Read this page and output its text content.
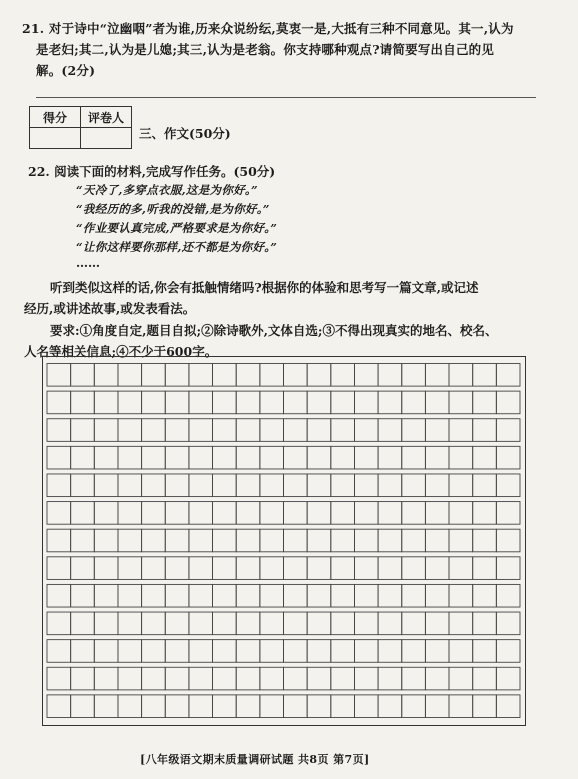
21. 对于诗中“泣幽咽”者为谁,历来众说纷纭,莫衷一是,大抵有三种不同意见。其一,认为
是老妇;其二,认为是儿媳;其三,认为是老翁。你支持哪种观点?请简要写出自己的见
解。(2分)
得分	评卷人

三、作文(50分)
22. 阅读下面的材料,完成写作任务。(50分)
“天冷了,多穿点衣服,这是为你好。”
“我经历的多,听我的没错,是为你好。”
“作业要认真完成,严格要求是为你好。”
“让你这样要你那样,还不都是为你好。”
……
听到类似这样的话,你会有抵触情绪吗?根据你的体验和思考写一篇文章,或记述
经历,或讲述故事,或发表看法。
要求:①角度自定,题目自拟;②除诗歌外,文体自选;③不得出现真实的地名、校名、
人名等相关信息;④不少于600字。
[八年级语文期末质量调研试题 共8页 第7页]
